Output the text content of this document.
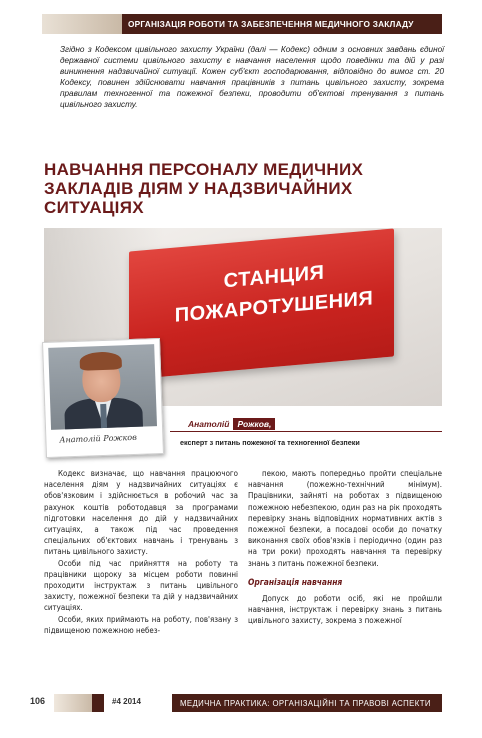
ОРГАНІЗАЦІЯ РОБОТИ ТА ЗАБЕЗПЕЧЕННЯ МЕДИЧНОГО ЗАКЛАДУ

Згідно з Кодексом цивільного захисту України (далі — Кодекс) одним з основних завдань єдиної державної системи цивільного захисту є навчання населення щодо поведінки та дій у разі виникнення надзвичайної ситуації. Кожен суб'єкт господарювання, відповідно до вимог ст. 20 Кодексу, повинен здійснювати навчання працівників з питань цивільного захисту, зокрема правилам техногенної та пожежної безпеки, проводити об'єктові тренування з питань цивільного захисту.

НАВЧАННЯ ПЕРСОНАЛУ МЕДИЧНИХ ЗАКЛАДІВ ДІЯМ У НАДЗВИЧАЙНИХ СИТУАЦІЯХ
СТАНЦИЯ
ПОЖАРОТУШЕНИЯ
Анатолій Рожков
Анатолій Рожков,
експерт з питань пожежної та техногенної безпеки

Кодекс визначає, що навчання працюючого населення діям у надзвичайних ситуаціях є обов'язковим і здійснюється в робочий час за рахунок коштів роботодавця за програмами підготовки населення до дій у надзвичайних ситуаціях, а також під час проведення спеціальних об'єктових навчань і тренувань з питань цивільного захисту.

Особи під час прийняття на роботу та працівники щороку за місцем роботи повинні проходити інструктаж з питань цивільного захисту, пожежної безпеки та дій у надзвичайних ситуаціях.

Особи, яких приймають на роботу, пов'язану з підвищеною пожежною небез-

пекою, мають попередньо пройти спеціальне навчання (пожежно-технічний мінімум). Працівники, зайняті на роботах з підвищеною пожежною небезпекою, один раз на рік проходять перевірку знань відповідних нормативних актів з пожежної безпеки, а посадові особи до початку виконання своїх обов'язків і періодично (один раз на три роки) проходять навчання та перевірку знань з питань пожежної безпеки.

Організація навчання

Допуск до роботи осіб, які не пройшли навчання, інструктаж і перевірку знань з питань цивільного захисту, зокрема з пожежної

106	#4 2014	МЕДИЧНА ПРАКТИКА: ОРГАНІЗАЦІЙНІ ТА ПРАВОВІ АСПЕКТИ
